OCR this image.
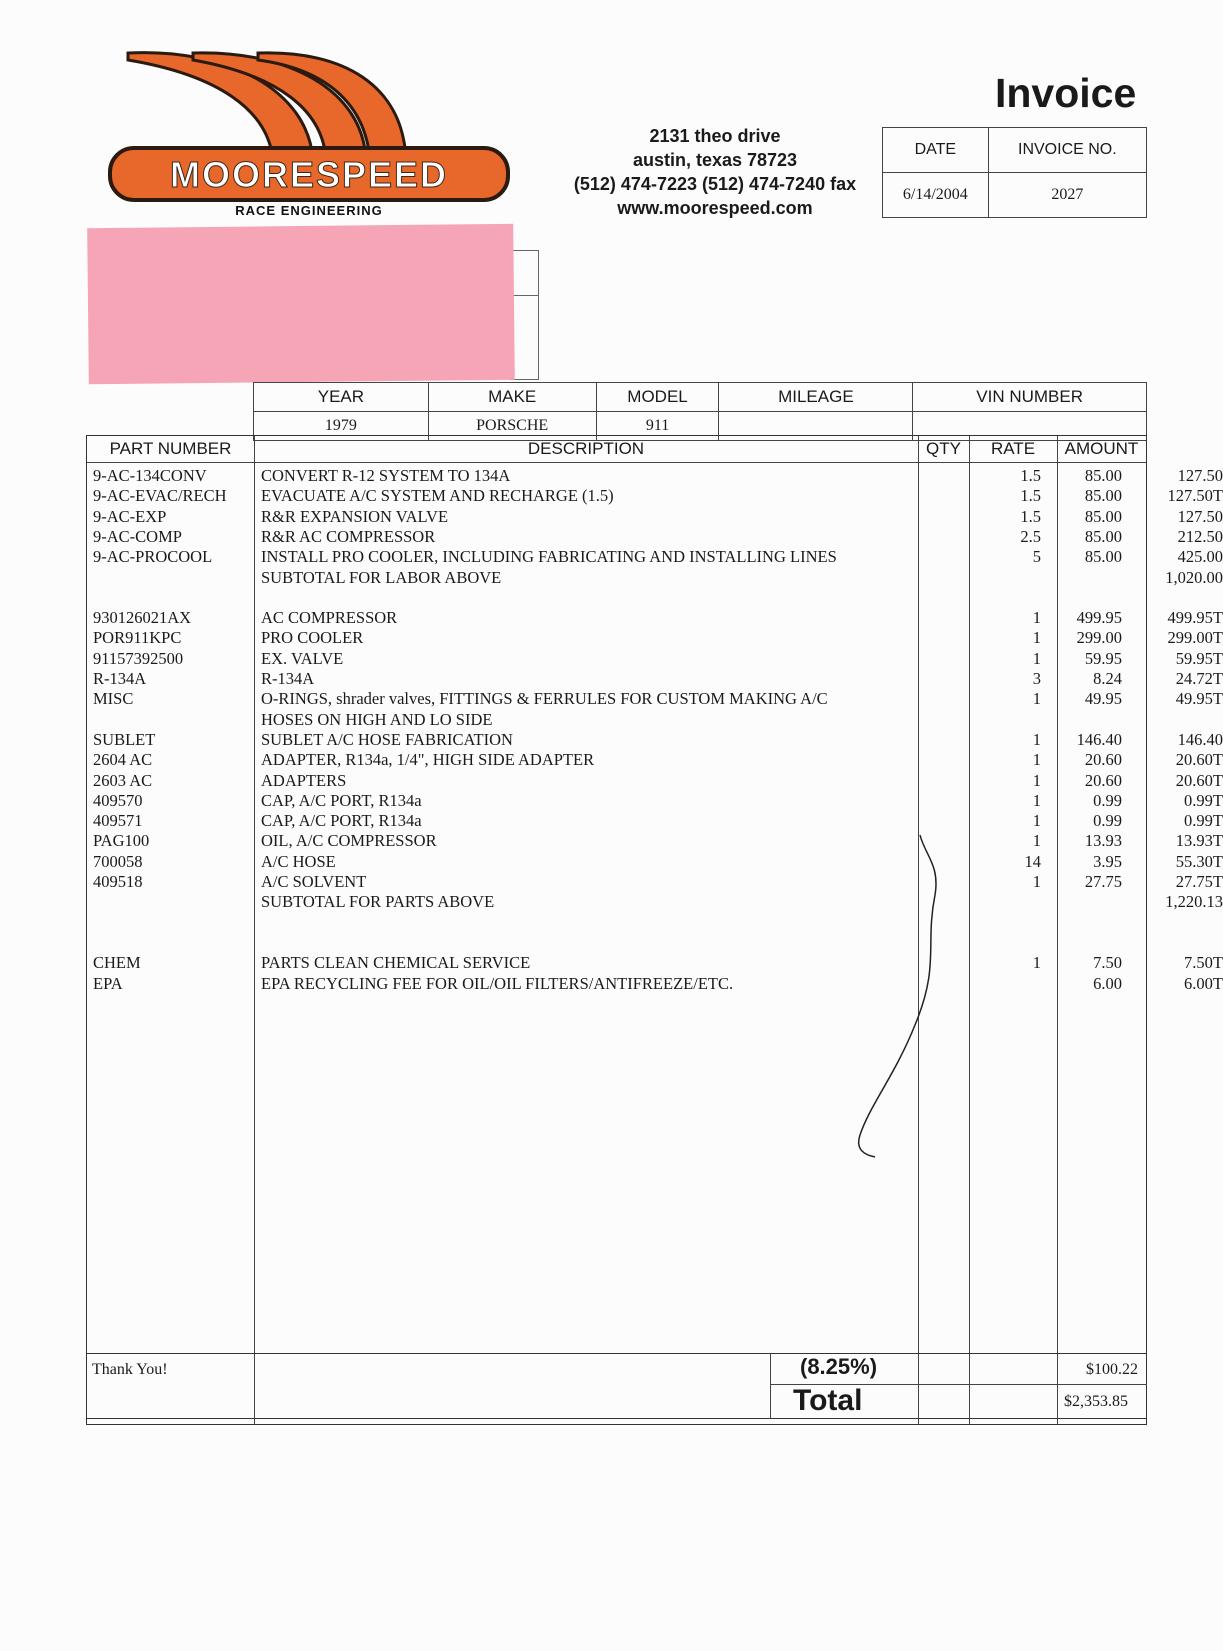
MOORESPEED
RACE ENGINEERING
2131 theo drive
austin, texas 78723
(512) 474-7223 (512) 474-7240 fax
www.moorespeed.com
Invoice
DATE	INVOICE NO.
6/14/2004	2027
YEAR	MAKE	MODEL	MILEAGE	VIN NUMBER
1979	PORSCHE	911		
PART NUMBER	DESCRIPTION	QTY	RATE	AMOUNT
9-AC-134CONV	CONVERT R-12 SYSTEM TO 134A	1.5	85.00	127.50
9-AC-EVAC/RECH EVACUATE A/C SYSTEM AND RECHARGE (1.5)	1.5	85.00	127.50T
9-AC-EXP	R&R EXPANSION VALVE	1.5	85.00	127.50
9-AC-COMP	R&R AC COMPRESSOR	2.5	85.00	212.50
9-AC-PROCOOL	INSTALL PRO COOLER, INCLUDING FABRICATING AND INSTALLING LINES	5	85.00	425.00
SUBTOTAL FOR LABOR ABOVE	1,020.00
930126021AX	AC COMPRESSOR	1	499.95	499.95T
POR911KPC	PRO COOLER	1	299.00	299.00T
91157392500	EX. VALVE	1	59.95	59.95T
R-134A	R-134A	3	8.24	24.72T
MISC	O-RINGS, shrader valves, FITTINGS & FERRULES FOR CUSTOM MAKING A/C	1	49.95	49.95T
HOSES ON HIGH AND LO SIDE
SUBLET	SUBLET A/C HOSE FABRICATION	1	146.40	146.40
2604 AC	ADAPTER, R134a, 1/4", HIGH SIDE ADAPTER	1	20.60	20.60T
2603 AC	ADAPTERS	1	20.60	20.60T
409570	CAP, A/C PORT, R134a	1	0.99	0.99T
409571	CAP, A/C PORT, R134a	1	0.99	0.99T
PAG100	OIL, A/C COMPRESSOR	1	13.93	13.93T
700058	A/C HOSE	14	3.95	55.30T
409518	A/C SOLVENT	1	27.75	27.75T
SUBTOTAL FOR PARTS ABOVE	1,220.13
CHEM	PARTS CLEAN CHEMICAL SERVICE	1	7.50	7.50T
EPA	EPA RECYCLING FEE FOR OIL/OIL FILTERS/ANTIFREEZE/ETC.	6.00	6.00T
Thank You!	(8.25%)	$100.22
Total	$2,353.85
